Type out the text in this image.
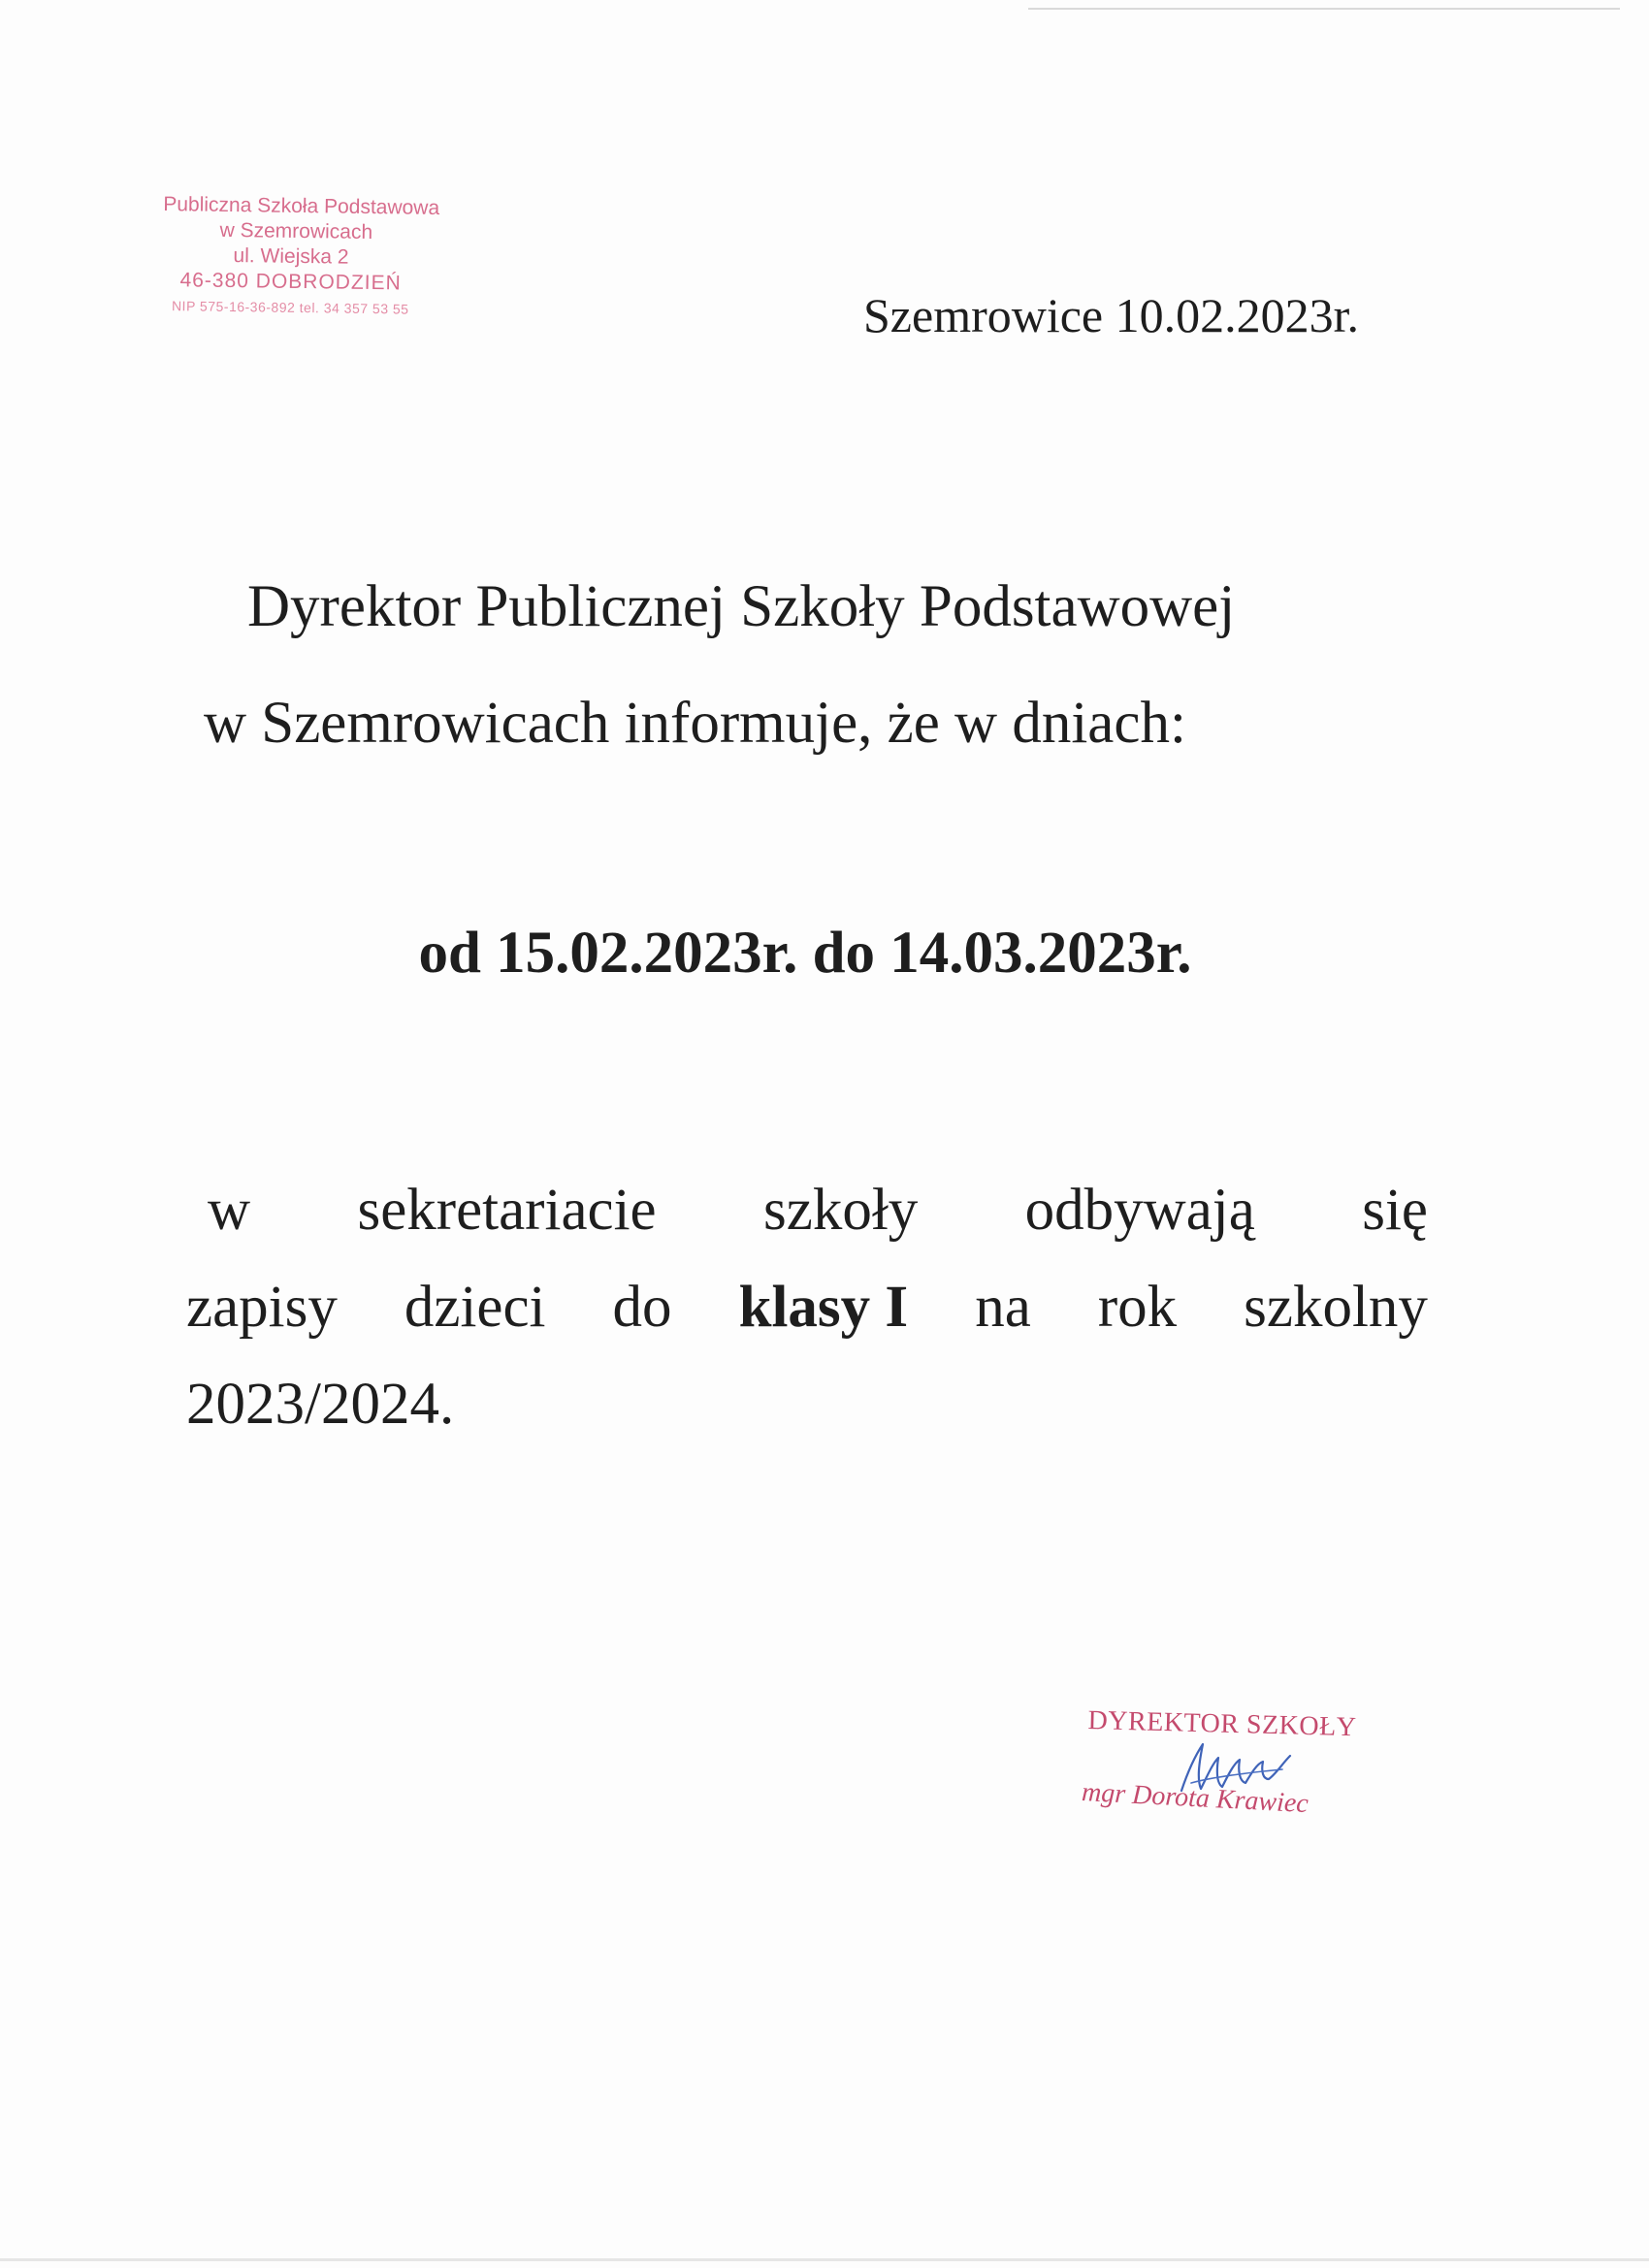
Publiczna Szkoła Podstawowa
w Szemrowicach
ul. Wiejska 2
46-380 DOBRODZIEŃ
NIP 575-16-36-892 tel. 34 357 53 55	Szemrowice 10.02.2023r.
Dyrektor Publicznej Szkoły Podstawowej
w Szemrowicach informuje, że w dniach:
od 15.02.2023r. do 14.03.2023r.
w sekretariacie szkoły odbywają się
zapisy dzieci do klasy I na rok szkolny
2023/2024.
DYREKTOR SZKOŁY
mgr Dorota Krawiec
